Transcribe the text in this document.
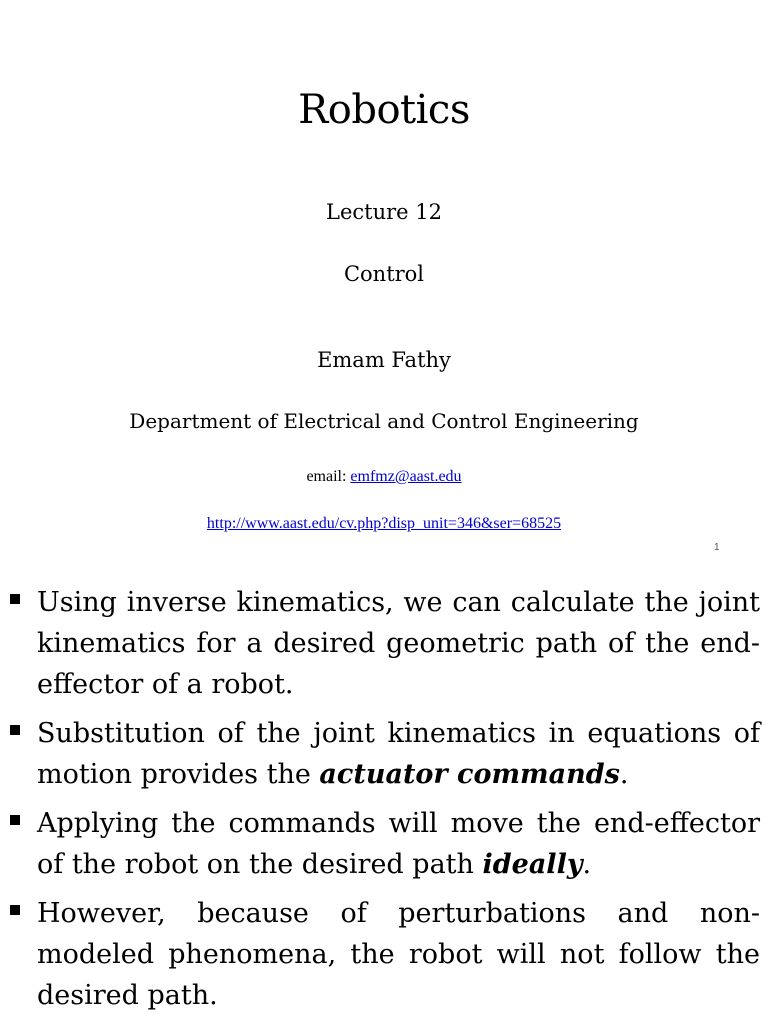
Robotics
Lecture 12
Control
Emam Fathy
Department of Electrical and Control Engineering
email: emfmz@aast.edu
http://www.aast.edu/cv.php?disp_unit=346&ser=68525
1
Using inverse kinematics, we can calculate the joint kinematics for a desired geometric path of the end-effector of a robot.
Substitution of the joint kinematics in equations of motion provides the actuator commands.
Applying the commands will move the end-effector of the robot on the desired path ideally.
However, because of perturbations and non-modeled phenomena, the robot will not follow the desired path.
